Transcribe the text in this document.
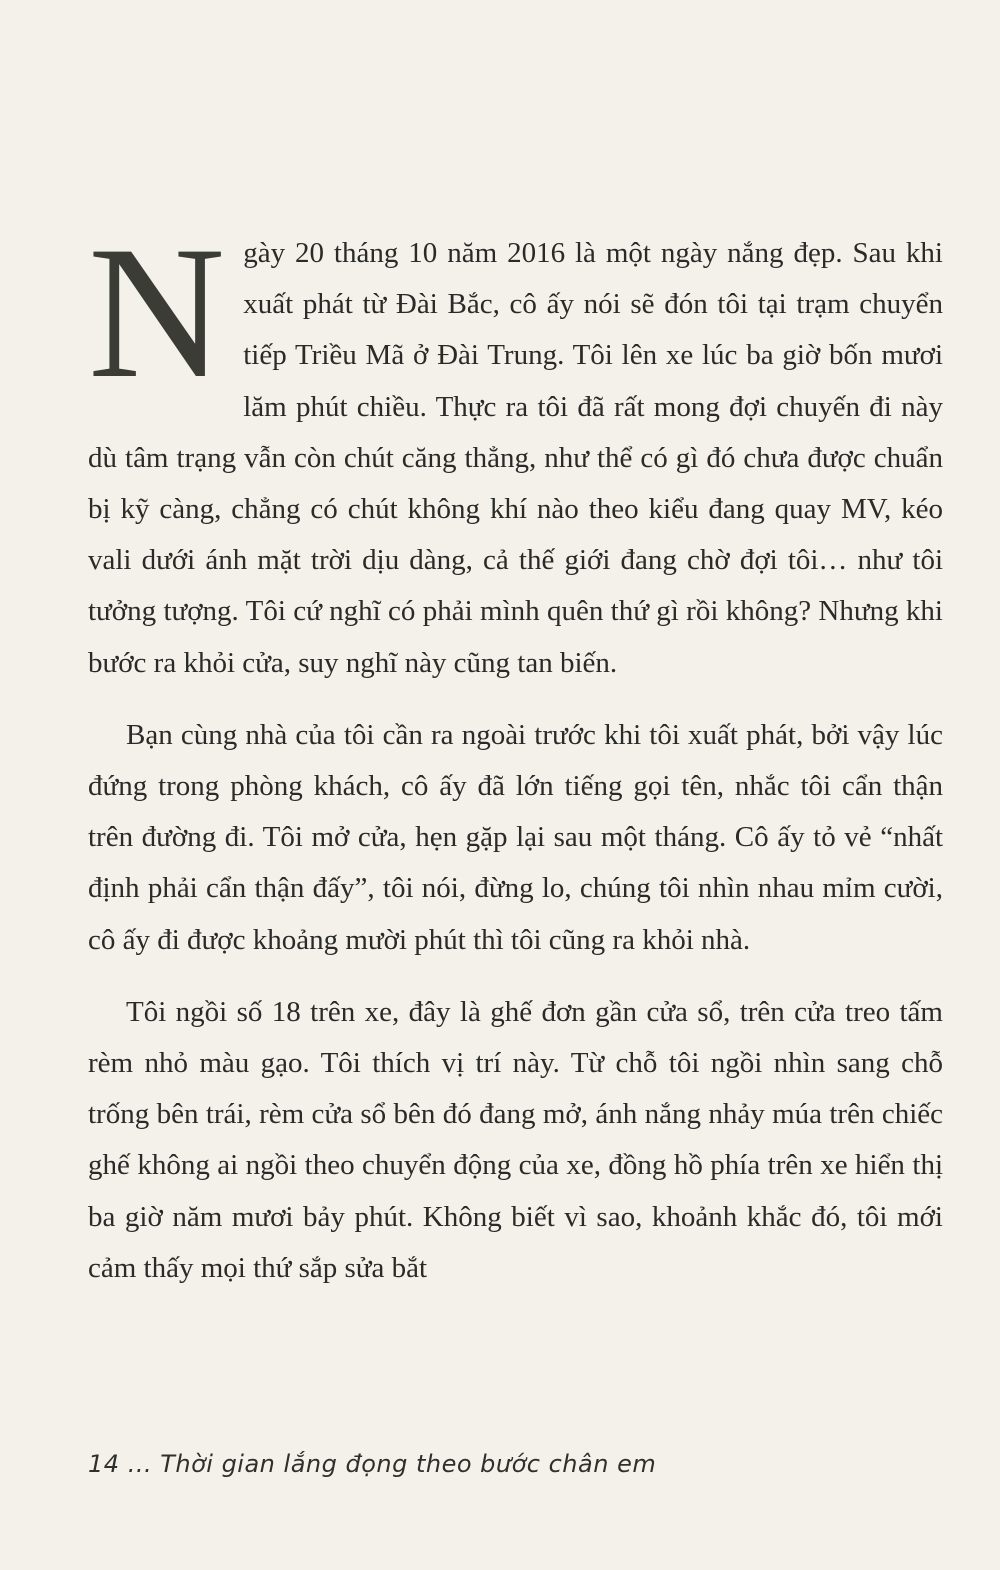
Ngày 20 tháng 10 năm 2016 là một ngày nắng đẹp. Sau khi xuất phát từ Đài Bắc, cô ấy nói sẽ đón tôi tại trạm chuyển tiếp Triều Mã ở Đài Trung. Tôi lên xe lúc ba giờ bốn mươi lăm phút chiều. Thực ra tôi đã rất mong đợi chuyến đi này dù tâm trạng vẫn còn chút căng thẳng, như thể có gì đó chưa được chuẩn bị kỹ càng, chẳng có chút không khí nào theo kiểu đang quay MV, kéo vali dưới ánh mặt trời dịu dàng, cả thế giới đang chờ đợi tôi… như tôi tưởng tượng. Tôi cứ nghĩ có phải mình quên thứ gì rồi không? Nhưng khi bước ra khỏi cửa, suy nghĩ này cũng tan biến.

Bạn cùng nhà của tôi cần ra ngoài trước khi tôi xuất phát, bởi vậy lúc đứng trong phòng khách, cô ấy đã lớn tiếng gọi tên, nhắc tôi cẩn thận trên đường đi. Tôi mở cửa, hẹn gặp lại sau một tháng. Cô ấy tỏ vẻ “nhất định phải cẩn thận đấy”, tôi nói, đừng lo, chúng tôi nhìn nhau mỉm cười, cô ấy đi được khoảng mười phút thì tôi cũng ra khỏi nhà.

Tôi ngồi số 18 trên xe, đây là ghế đơn gần cửa sổ, trên cửa treo tấm rèm nhỏ màu gạo. Tôi thích vị trí này. Từ chỗ tôi ngồi nhìn sang chỗ trống bên trái, rèm cửa sổ bên đó đang mở, ánh nắng nhảy múa trên chiếc ghế không ai ngồi theo chuyển động của xe, đồng hồ phía trên xe hiển thị ba giờ năm mươi bảy phút. Không biết vì sao, khoảnh khắc đó, tôi mới cảm thấy mọi thứ sắp sửa bắt

14 ... Thời gian lắng đọng theo bước chân em
